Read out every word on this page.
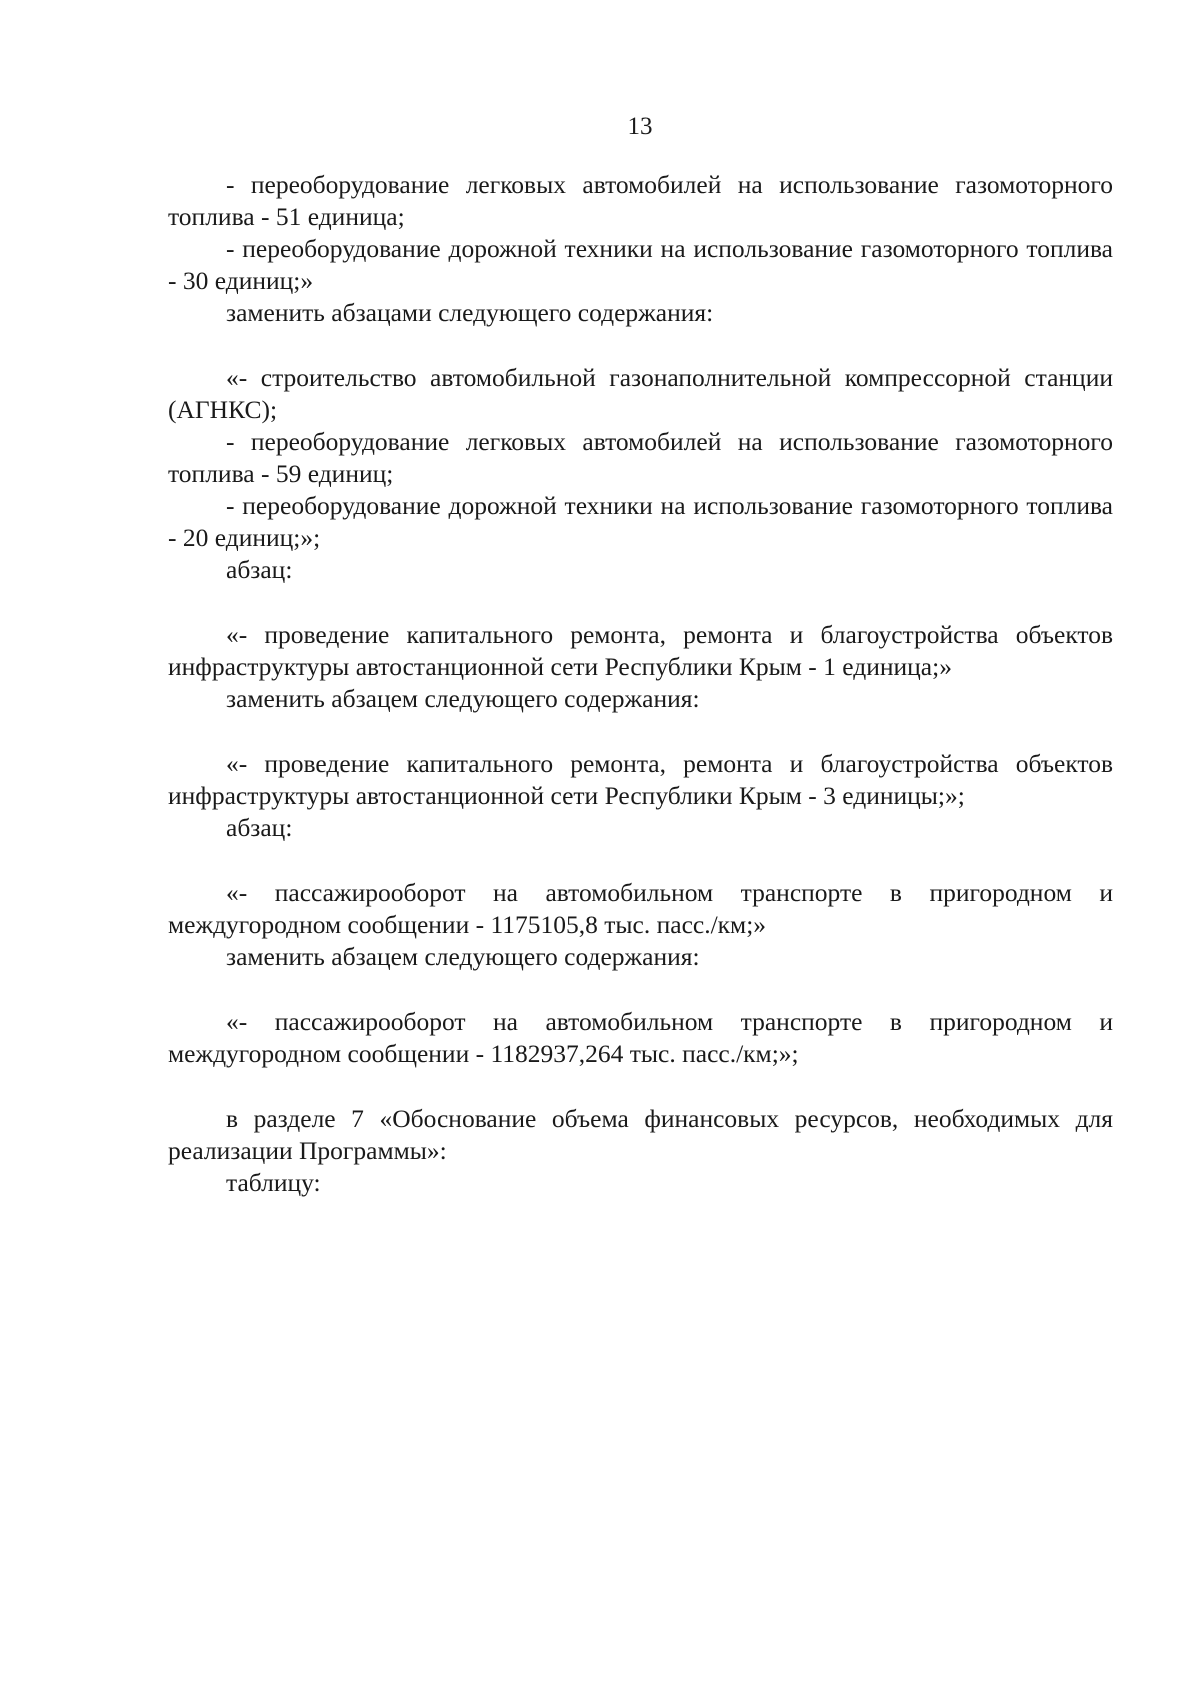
13

- переоборудование легковых автомобилей на использование газомоторного топлива - 51 единица;

- переоборудование дорожной техники на использование газомоторного топлива - 30 единиц;»

заменить абзацами следующего содержания:

«- строительство автомобильной газонаполнительной компрессорной станции (АГНКС);

- переоборудование легковых автомобилей на использование газомоторного топлива - 59 единиц;

- переоборудование дорожной техники на использование газомоторного топлива - 20 единиц;»;

абзац:

«- проведение капитального ремонта, ремонта и благоустройства объектов инфраструктуры автостанционной сети Республики Крым - 1 единица;»

заменить абзацем следующего содержания:

«- проведение капитального ремонта, ремонта и благоустройства объектов инфраструктуры автостанционной сети Республики Крым - 3 единицы;»;

абзац:

«- пассажирооборот на автомобильном транспорте в пригородном и междугородном сообщении - 1175105,8 тыс. пасс./км;»

заменить абзацем следующего содержания:

«- пассажирооборот на автомобильном транспорте в пригородном и междугородном сообщении - 1182937,264 тыс. пасс./км;»;

в разделе 7 «Обоснование объема финансовых ресурсов, необходимых для реализации Программы»:

таблицу:
